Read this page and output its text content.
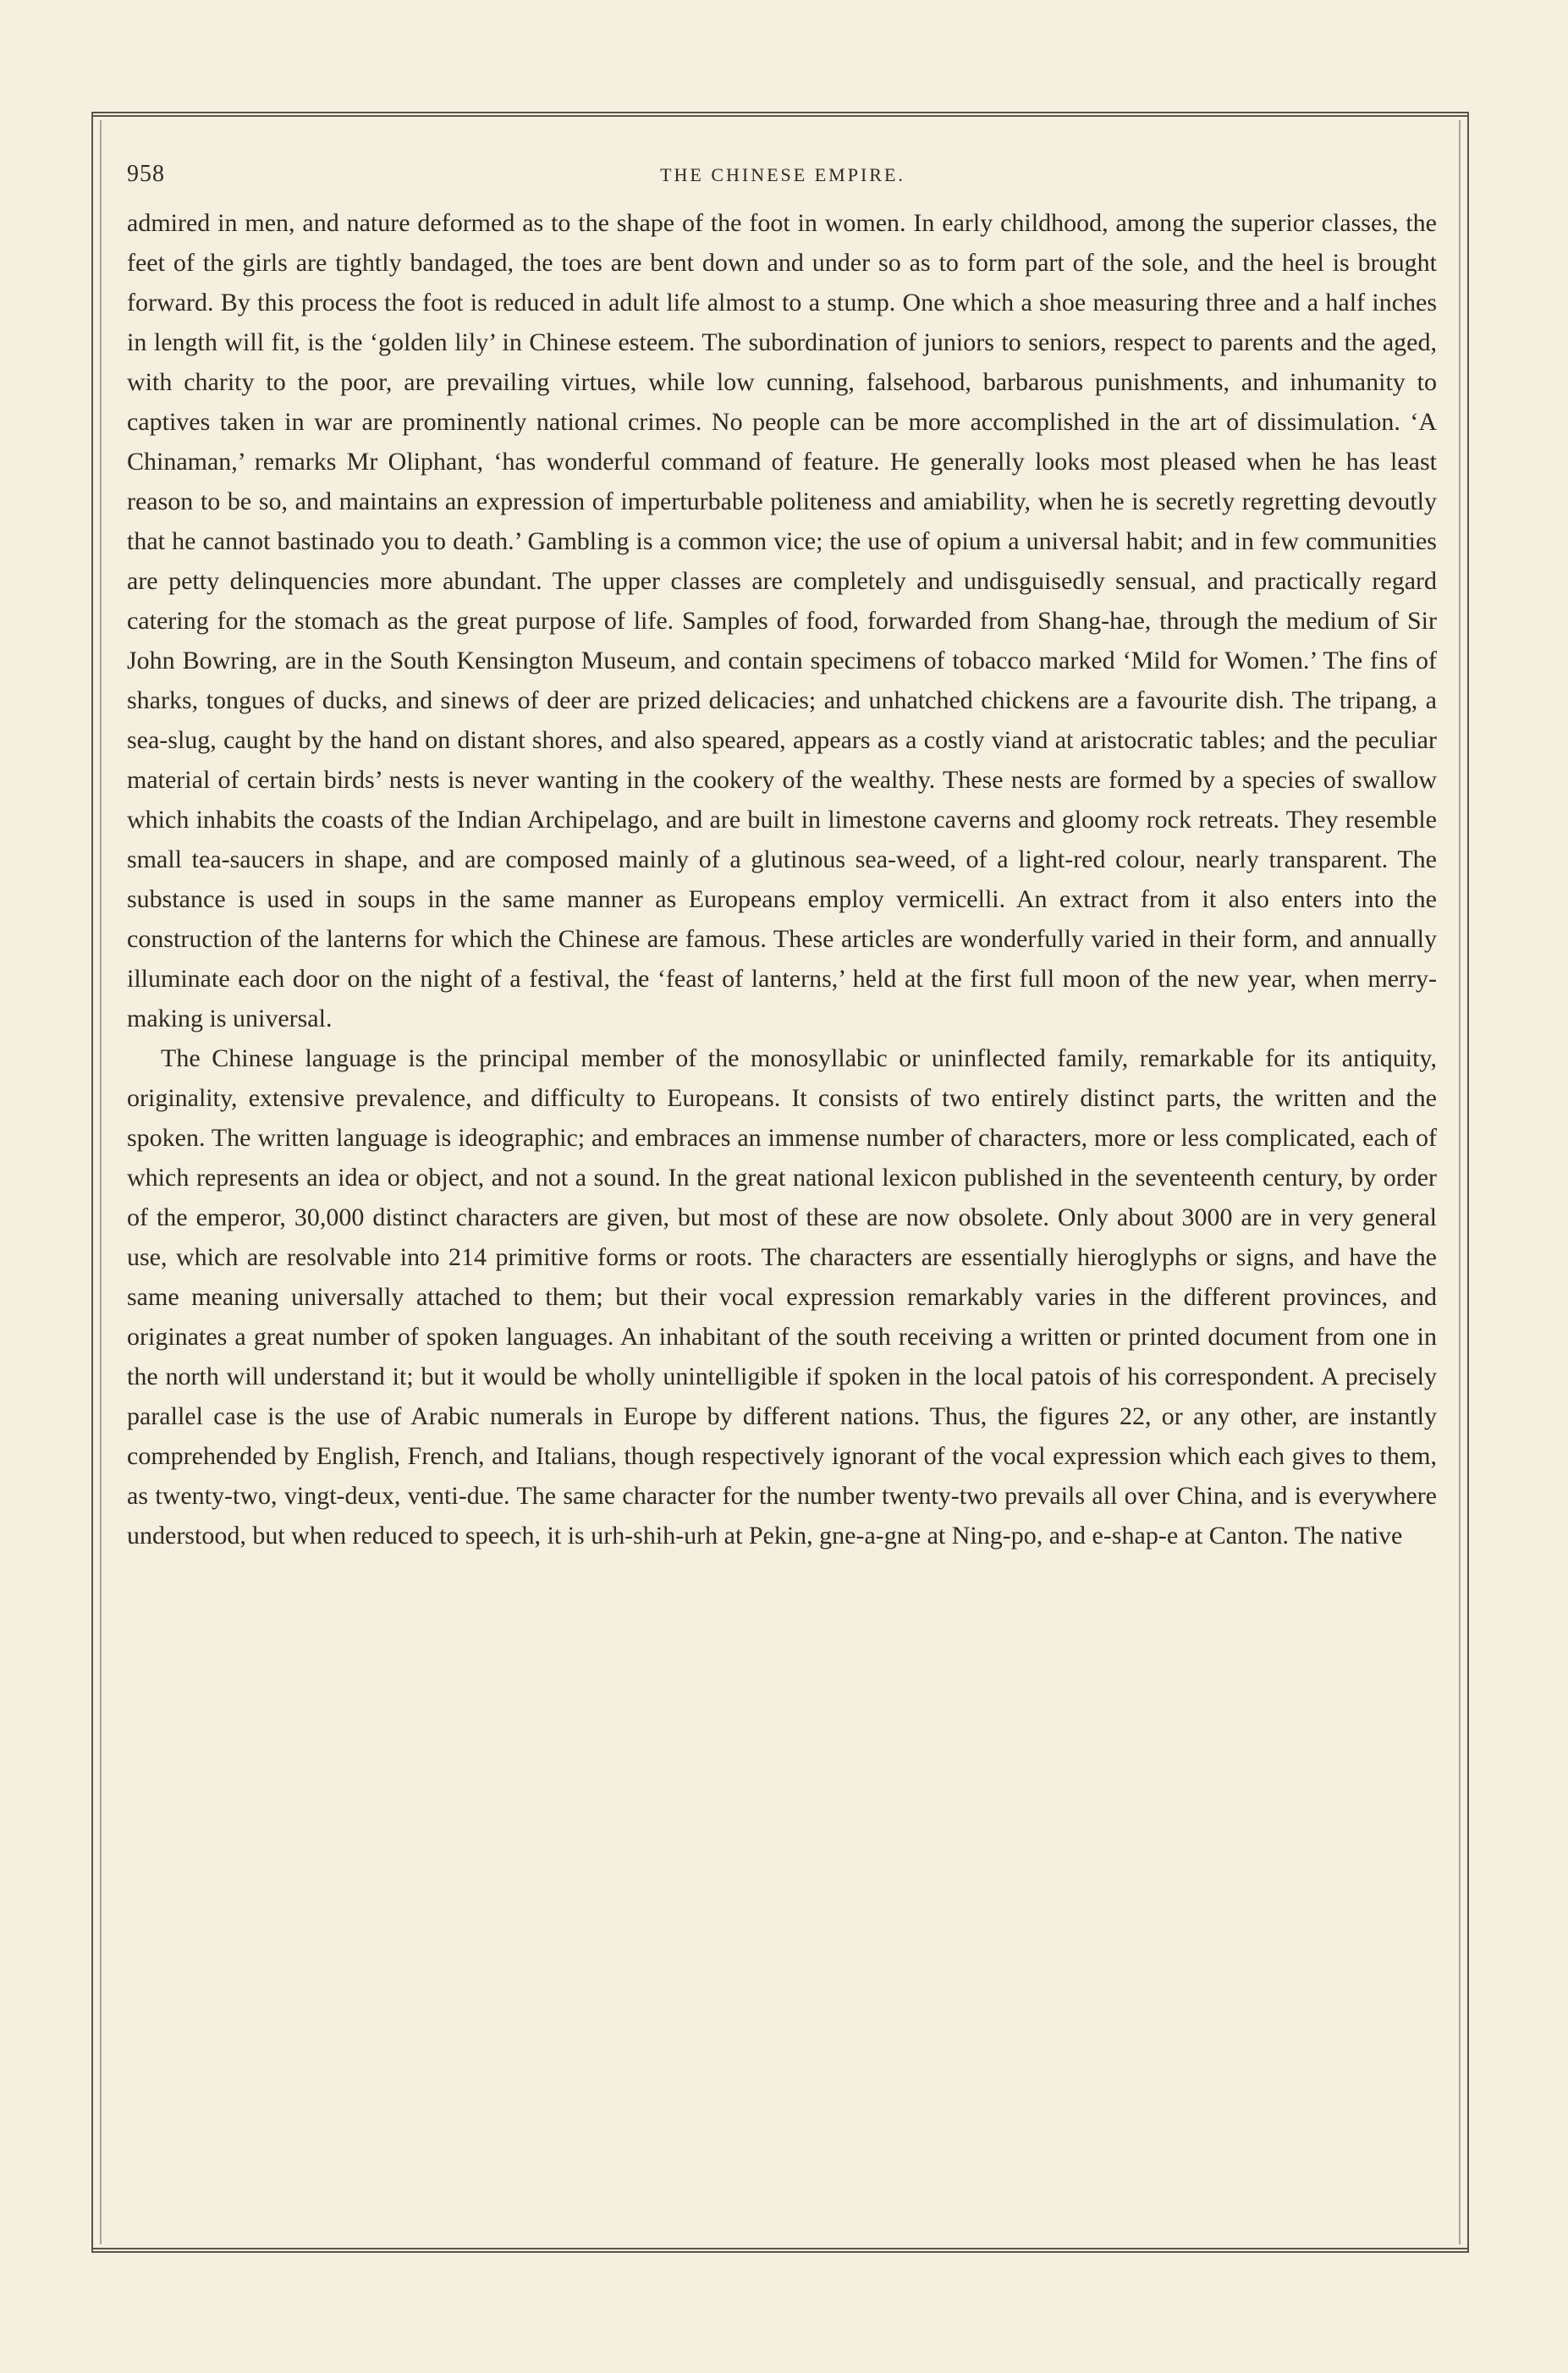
958	THE CHINESE EMPIRE.

admired in men, and nature deformed as to the shape of the foot in women. In early childhood, among the superior classes, the feet of the girls are tightly bandaged, the toes are bent down and under so as to form part of the sole, and the heel is brought forward. By this process the foot is reduced in adult life almost to a stump. One which a shoe measuring three and a half inches in length will fit, is the ‘golden lily’ in Chinese esteem. The subordination of juniors to seniors, respect to parents and the aged, with charity to the poor, are prevailing virtues, while low cunning, falsehood, barbarous punishments, and inhumanity to captives taken in war are prominently national crimes. No people can be more accomplished in the art of dissimulation. ‘A Chinaman,’ remarks Mr Oliphant, ‘has wonderful command of feature. He generally looks most pleased when he has least reason to be so, and maintains an expression of imperturbable politeness and amiability, when he is secretly regretting devoutly that he cannot bastinado you to death.’ Gambling is a common vice; the use of opium a universal habit; and in few communities are petty delinquencies more abundant. The upper classes are completely and undisguisedly sensual, and practically regard catering for the stomach as the great purpose of life. Samples of food, forwarded from Shang-hae, through the medium of Sir John Bowring, are in the South Kensington Museum, and contain specimens of tobacco marked ‘Mild for Women.’ The fins of sharks, tongues of ducks, and sinews of deer are prized delicacies; and unhatched chickens are a favourite dish. The tripang, a sea-slug, caught by the hand on distant shores, and also speared, appears as a costly viand at aristocratic tables; and the peculiar material of certain birds’ nests is never wanting in the cookery of the wealthy. These nests are formed by a species of swallow which inhabits the coasts of the Indian Archipelago, and are built in limestone caverns and gloomy rock retreats. They resemble small tea-saucers in shape, and are composed mainly of a glutinous sea-weed, of a light-red colour, nearly transparent. The substance is used in soups in the same manner as Europeans employ vermicelli. An extract from it also enters into the construction of the lanterns for which the Chinese are famous. These articles are wonderfully varied in their form, and annually illuminate each door on the night of a festival, the ‘feast of lanterns,’ held at the first full moon of the new year, when merry-making is universal.

The Chinese language is the principal member of the monosyllabic or uninflected family, remarkable for its antiquity, originality, extensive prevalence, and difficulty to Europeans. It consists of two entirely distinct parts, the written and the spoken. The written language is ideographic; and embraces an immense number of characters, more or less complicated, each of which represents an idea or object, and not a sound. In the great national lexicon published in the seventeenth century, by order of the emperor, 30,000 distinct characters are given, but most of these are now obsolete. Only about 3000 are in very general use, which are resolvable into 214 primitive forms or roots. The characters are essentially hieroglyphs or signs, and have the same meaning universally attached to them; but their vocal expression remarkably varies in the different provinces, and originates a great number of spoken languages. An inhabitant of the south receiving a written or printed document from one in the north will understand it; but it would be wholly unintelligible if spoken in the local patois of his correspondent. A precisely parallel case is the use of Arabic numerals in Europe by different nations. Thus, the figures 22, or any other, are instantly comprehended by English, French, and Italians, though respectively ignorant of the vocal expression which each gives to them, as twenty-two, vingt-deux, venti-due. The same character for the number twenty-two prevails all over China, and is everywhere understood, but when reduced to speech, it is urh-shih-urh at Pekin, gne-a-gne at Ning-po, and e-shap-e at Canton. The native
